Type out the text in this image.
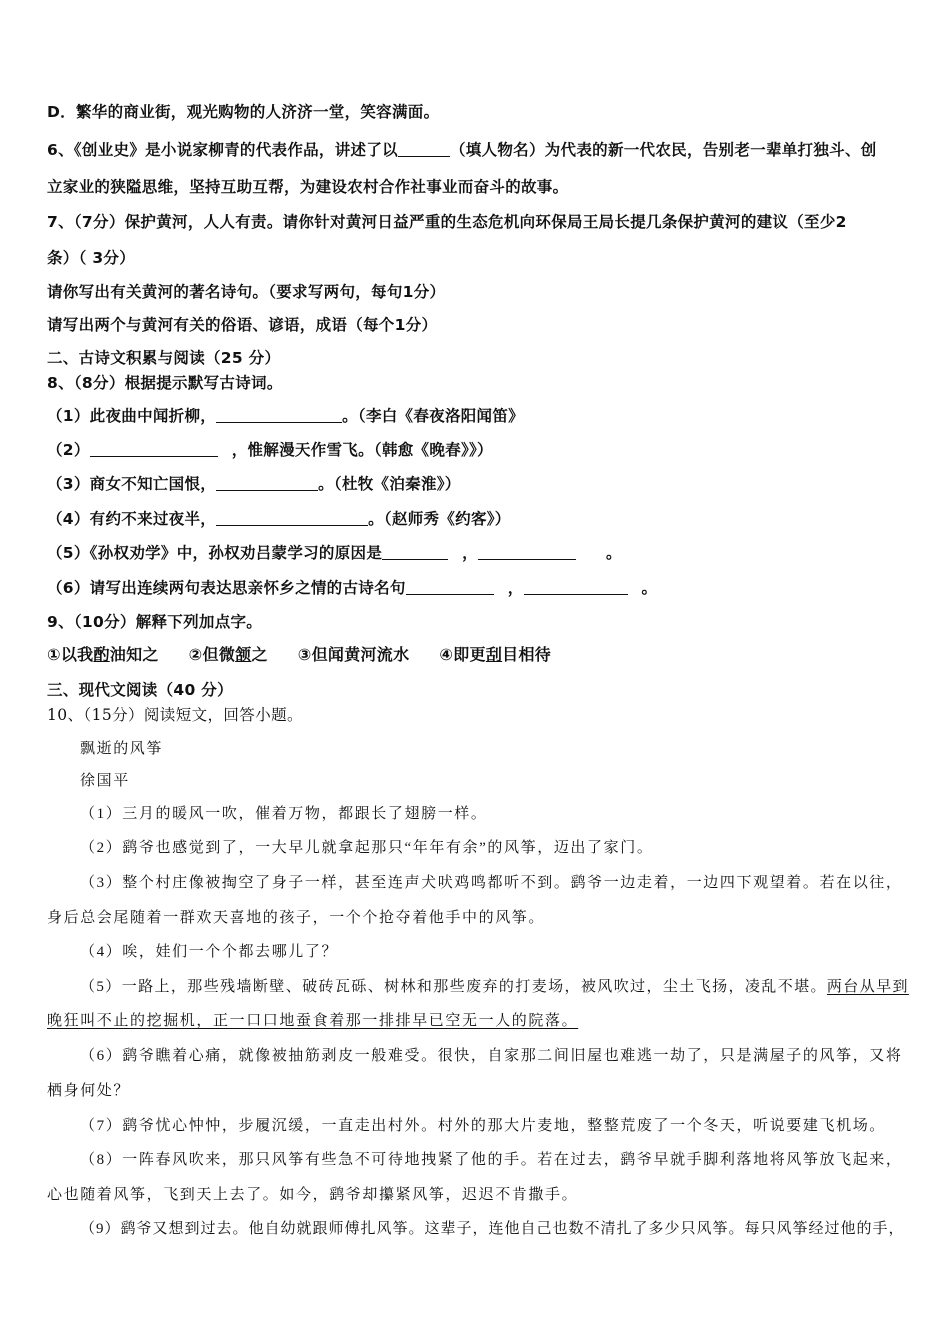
D．繁华的商业街，观光购物的人济济一堂，笑容满面。
6、《创业史》是小说家柳青的代表作品，讲述了以	（填人物名）为代表的新一代农民，告别老一辈单打独斗、创
立家业的狭隘思维，坚持互助互帮，为建设农村合作社事业而奋斗的故事。
7、（7分）保护黄河，人人有责。请你针对黄河日益严重的生态危机向环保局王局长提几条保护黄河的建议（至少2
条）（ 3分）
请你写出有关黄河的著名诗句。（要求写两句，每句1分）
请写出两个与黄河有关的俗语、谚语，成语（每个1分）
二、古诗文积累与阅读（25 分）
8、（8分）根据提示默写古诗词。
（1）此夜曲中闻折柳，	。（李白《春夜洛阳闻笛》
（2）	，惟解漫天作雪飞。（韩愈《晚春》》）
（3）商女不知亡国恨，	。（杜牧《泊秦淮》）
（4）有约不来过夜半，	。（赵师秀《约客》）
（5）《孙权劝学》中，孙权劝吕蒙学习的原因是	，	。
（6）请写出连续两句表达思亲怀乡之情的古诗名句	，	。
9、（10分）解释下列加点字。
①以我酌油知之 ②但微颔之 ③但闻黄河流水 ④即更刮目相待
三、现代文阅读（40 分）
10、（15分）阅读短文，回答小题。
飘逝的风筝
徐国平
（1）三月的暖风一吹，催着万物，都跟长了翅膀一样。
（2）鹞爷也感觉到了，一大早儿就拿起那只“年年有余”的风筝，迈出了家门。
（3）整个村庄像被掏空了身子一样，甚至连声犬吠鸡鸣都听不到。鹞爷一边走着，一边四下观望着。若在以往，
身后总会尾随着一群欢天喜地的孩子，一个个抢夺着他手中的风筝。
（4）唉，娃们一个个都去哪儿了？
（5）一路上，那些残墙断壁、破砖瓦砾、树林和那些废弃的打麦场，被风吹过，尘土飞扬，凌乱不堪。两台从早到
晚狂叫不止的挖掘机，正一口口地蚕食着那一排排早已空无一人的院落。
（6）鹞爷瞧着心痛，就像被抽筋剥皮一般难受。很快，自家那二间旧屋也难逃一劫了，只是满屋子的风筝，又将
栖身何处？
（7）鹞爷忧心忡忡，步履沉缓，一直走出村外。村外的那大片麦地，整整荒废了一个冬天，听说要建飞机场。
（8）一阵春风吹来，那只风筝有些急不可待地拽紧了他的手。若在过去，鹞爷早就手脚利落地将风筝放飞起来，
心也随着风筝，飞到天上去了。如今，鹞爷却攥紧风筝，迟迟不肯撒手。
（9）鹞爷又想到过去。他自幼就跟师傅扎风筝。这辈子，连他自己也数不清扎了多少只风筝。每只风筝经过他的手，
